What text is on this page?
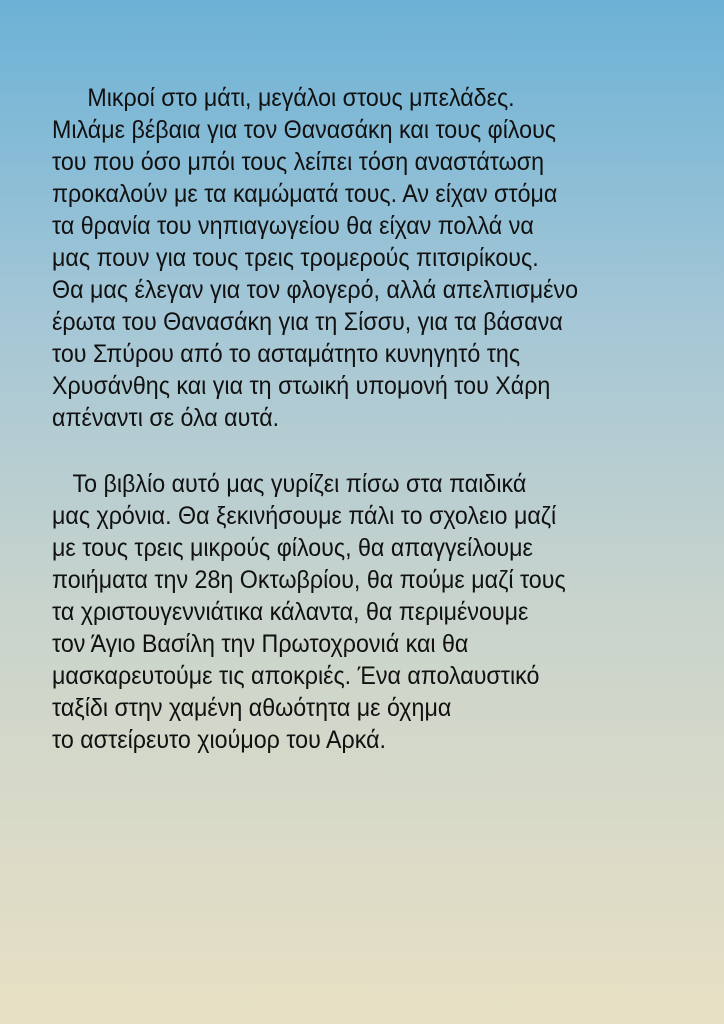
Μικροί στο μάτι, μεγάλοι στους μπελάδες.
Μιλάμε βέβαια για τον Θανασάκη και τους φίλους
του που όσο μπόι τους λείπει τόση αναστάτωση
προκαλούν με τα καμώματά τους. Αν είχαν στόμα
τα θρανία του νηπιαγωγείου θα είχαν πολλά να
μας πουν για τους τρεις τρομερούς πιτσιρίκους.
Θα μας έλεγαν για τον φλογερό, αλλά απελπισμένο
έρωτα του Θανασάκη για τη Σίσσυ, για τα βάσανα
του Σπύρου από το ασταμάτητο κυνηγητό της
Χρυσάνθης και για τη στωική υπομονή του Χάρη
απέναντι σε όλα αυτά.
Το βιβλίο αυτό μας γυρίζει πίσω στα παιδικά
μας χρόνια. Θα ξεκινήσουμε πάλι το σχολειο μαζί
με τους τρεις μικρούς φίλους, θα απαγγείλουμε
ποιήματα την 28η Οκτωβρίου, θα πούμε μαζί τους
τα χριστουγεννιάτικα κάλαντα, θα περιμένουμε
τον Άγιο Βασίλη την Πρωτοχρονιά και θα
μασκαρευτούμε τις αποκριές. Ένα απολαυστικό
ταξίδι στην χαμένη αθωότητα με όχημα
το αστείρευτο χιούμορ του Αρκά.
